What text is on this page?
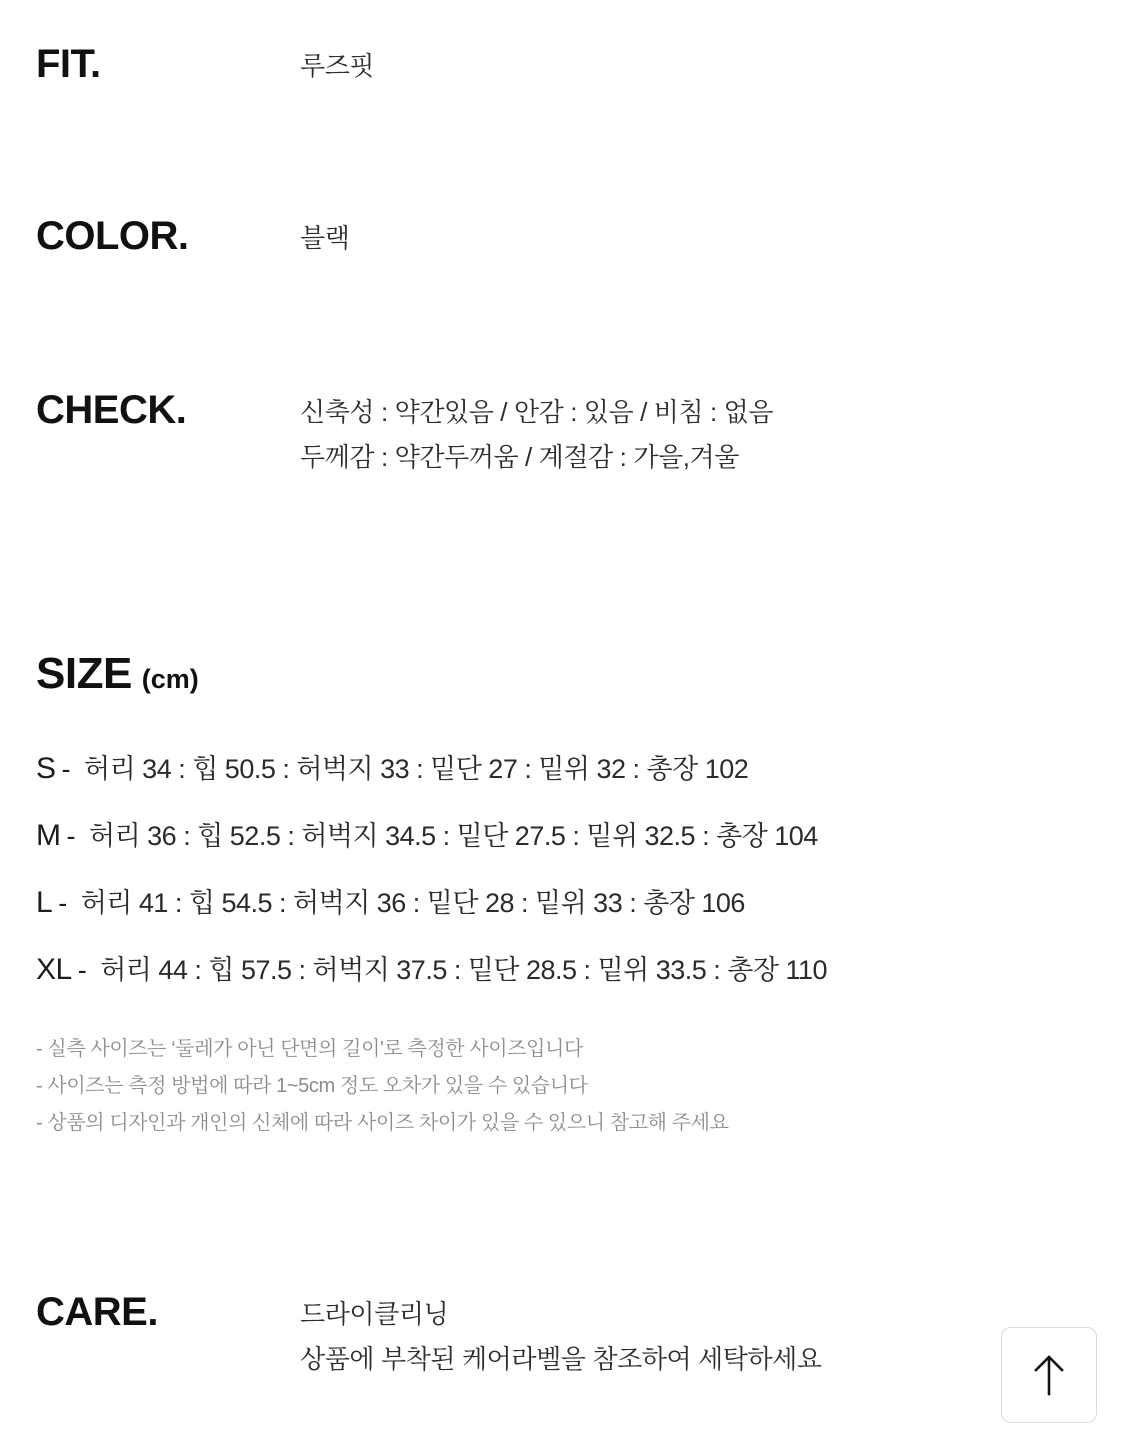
FIT.	루즈핏
COLOR.	블랙
CHECK.	신축성 : 약간있음 / 안감 : 있음 / 비침 : 없음
두께감 : 약간두꺼움 / 계절감 : 가을,겨울
SIZE (cm)
S - 허리 34 : 힙 50.5 : 허벅지 33 : 밑단 27 : 밑위 32 : 총장 102
M - 허리 36 : 힙 52.5 : 허벅지 34.5 : 밑단 27.5 : 밑위 32.5 : 총장 104
L - 허리 41 : 힙 54.5 : 허벅지 36 : 밑단 28 : 밑위 33 : 총장 106
XL - 허리 44 : 힙 57.5 : 허벅지 37.5 : 밑단 28.5 : 밑위 33.5 : 총장 110
- 실측 사이즈는 ‘둘레가 아닌 단면의 길이'로 측정한 사이즈입니다
- 사이즈는 측정 방법에 따라 1~5cm 정도 오차가 있을 수 있습니다
- 상품의 디자인과 개인의 신체에 따라 사이즈 차이가 있을 수 있으니 참고해 주세요
CARE.	드라이클리닝
상품에 부착된 케어라벨을 참조하여 세탁하세요
